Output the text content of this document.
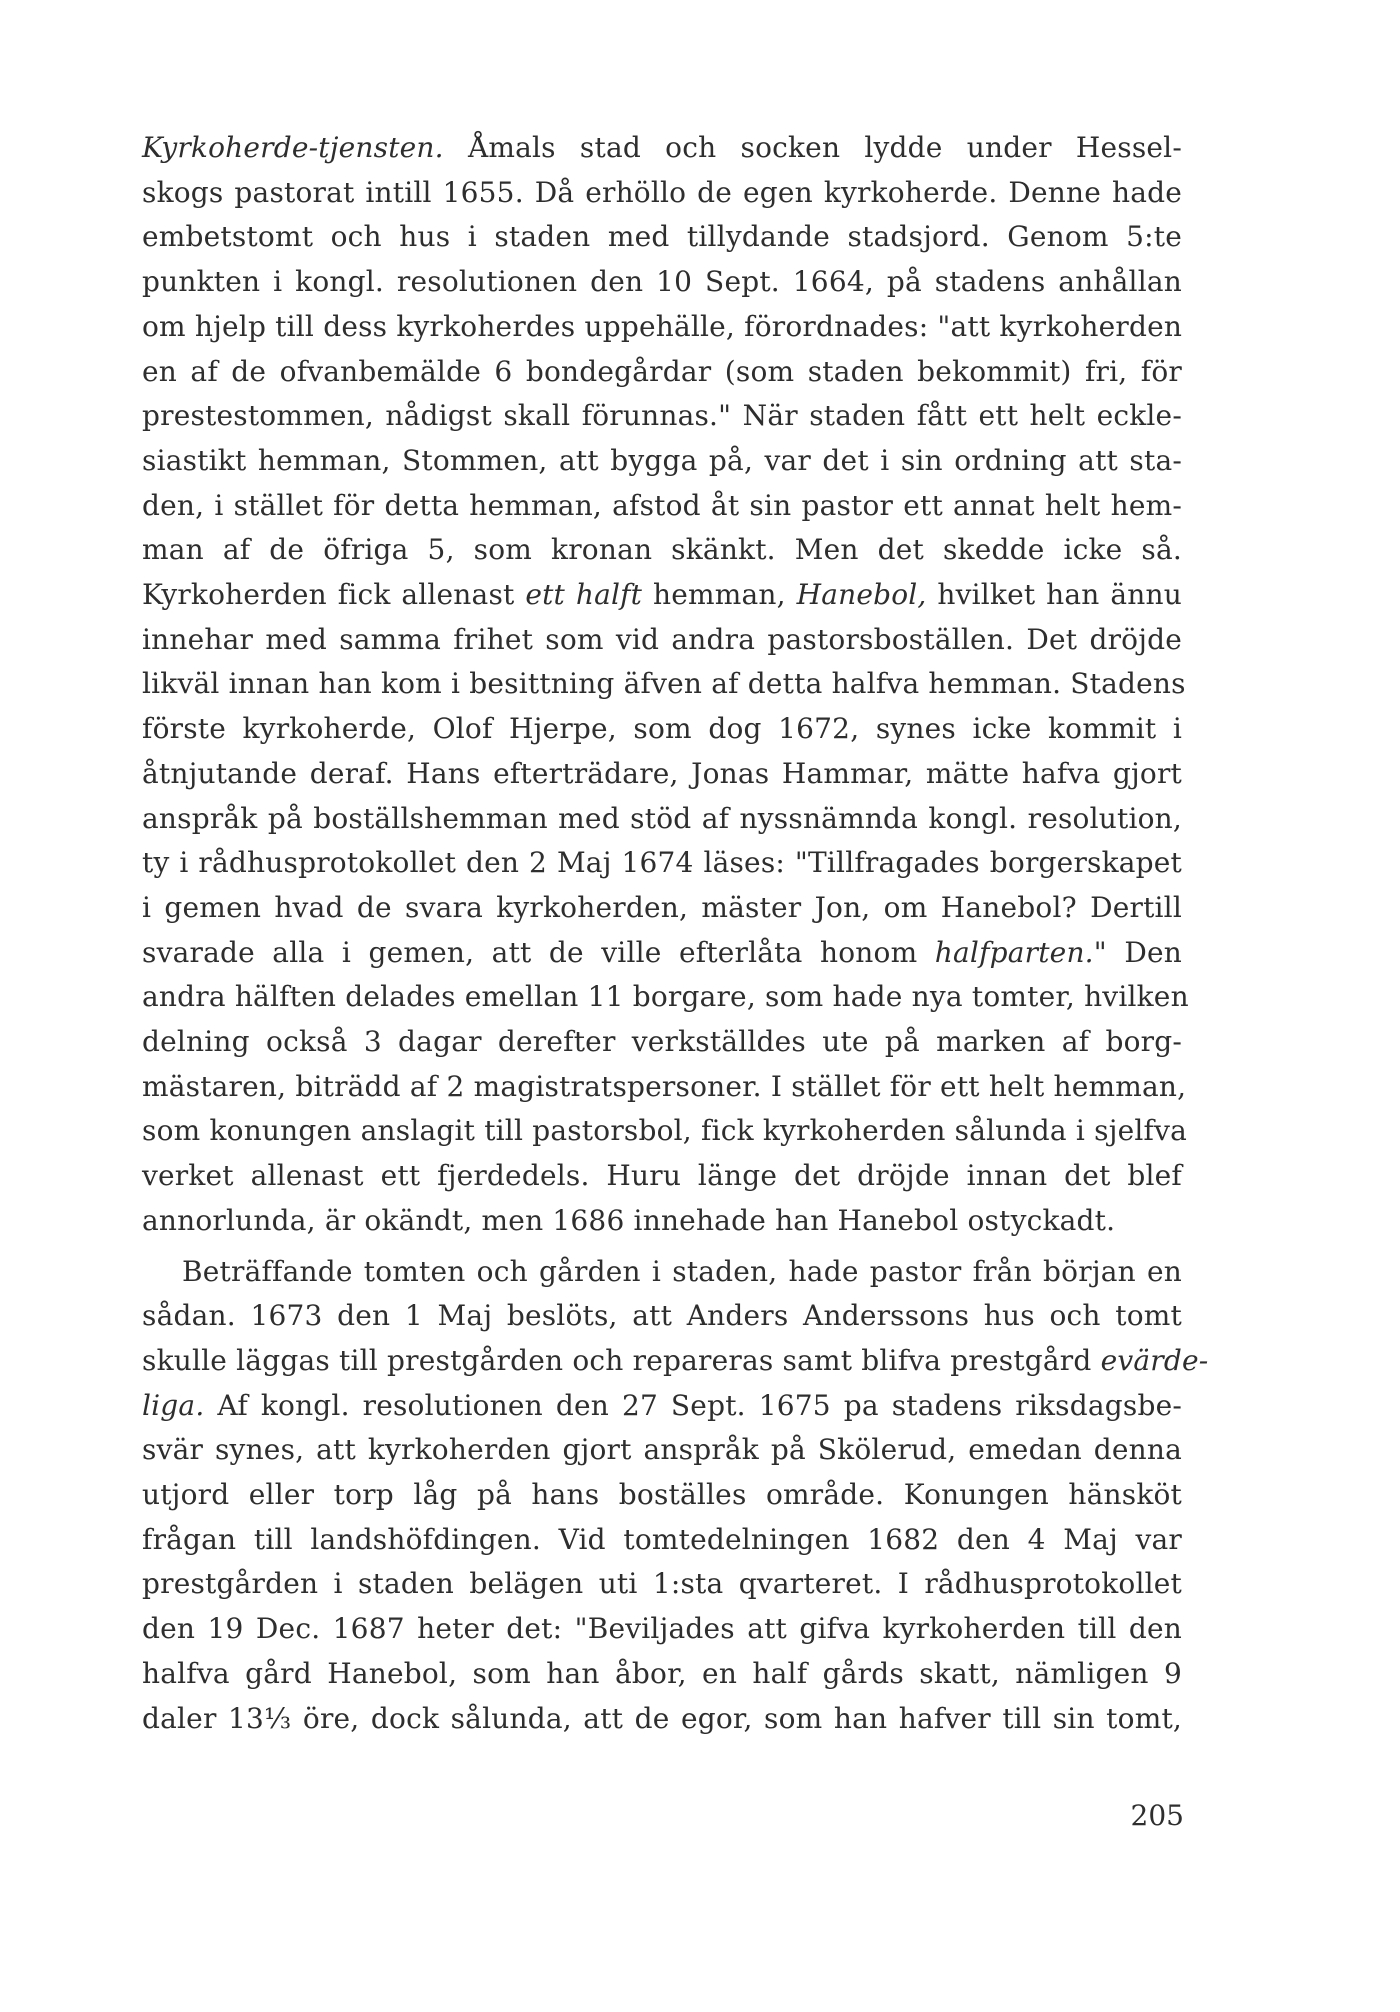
Kyrkoherde-tjensten. Åmals stad och socken lydde under Hessel-
skogs pastorat intill 1655. Då erhöllo de egen kyrkoherde. Denne hade
embetstomt och hus i staden med tillydande stadsjord. Genom 5:te
punkten i kongl. resolutionen den 10 Sept. 1664, på stadens anhållan
om hjelp till dess kyrkoherdes uppehälle, förordnades: "att kyrkoherden
en af de ofvanbemälde 6 bondegårdar (som staden bekommit) fri, för
prestestommen, nådigst skall förunnas." När staden fått ett helt eckle-
siastikt hemman, Stommen, att bygga på, var det i sin ordning att sta-
den, i stället för detta hemman, afstod åt sin pastor ett annat helt hem-
man af de öfriga 5, som kronan skänkt. Men det skedde icke så.
Kyrkoherden fick allenast ett halft hemman, Hanebol, hvilket han ännu
innehar med samma frihet som vid andra pastorsboställen. Det dröjde
likväl innan han kom i besittning äfven af detta halfva hemman. Stadens
förste kyrkoherde, Olof Hjerpe, som dog 1672, synes icke kommit i
åtnjutande deraf. Hans efterträdare, Jonas Hammar, mätte hafva gjort
anspråk på boställshemman med stöd af nyssnämnda kongl. resolution,
ty i rådhusprotokollet den 2 Maj 1674 läses: "Tillfragades borgerskapet
i gemen hvad de svara kyrkoherden, mäster Jon, om Hanebol? Dertill
svarade alla i gemen, att de ville efterlåta honom halfparten." Den
andra hälften delades emellan 11 borgare, som hade nya tomter, hvilken
delning också 3 dagar derefter verkställdes ute på marken af borg-
mästaren, biträdd af 2 magistratspersoner. I stället för ett helt hemman,
som konungen anslagit till pastorsbol, fick kyrkoherden sålunda i sjelfva
verket allenast ett fjerdedels. Huru länge det dröjde innan det blef
annorlunda, är okändt, men 1686 innehade han Hanebol ostyckadt.
Beträffande tomten och gården i staden, hade pastor från början en
sådan. 1673 den 1 Maj beslöts, att Anders Anderssons hus och tomt
skulle läggas till prestgården och repareras samt blifva prestgård evärde-
liga. Af kongl. resolutionen den 27 Sept. 1675 pa stadens riksdagsbe-
svär synes, att kyrkoherden gjort anspråk på Skölerud, emedan denna
utjord eller torp låg på hans boställes område. Konungen hänsköt
frågan till landshöfdingen. Vid tomtedelningen 1682 den 4 Maj var
prestgården i staden belägen uti 1:sta qvarteret. I rådhusprotokollet
den 19 Dec. 1687 heter det: "Beviljades att gifva kyrkoherden till den
halfva gård Hanebol, som han åbor, en half gårds skatt, nämligen 9
daler 13⅓ öre, dock sålunda, att de egor, som han hafver till sin tomt,
205
